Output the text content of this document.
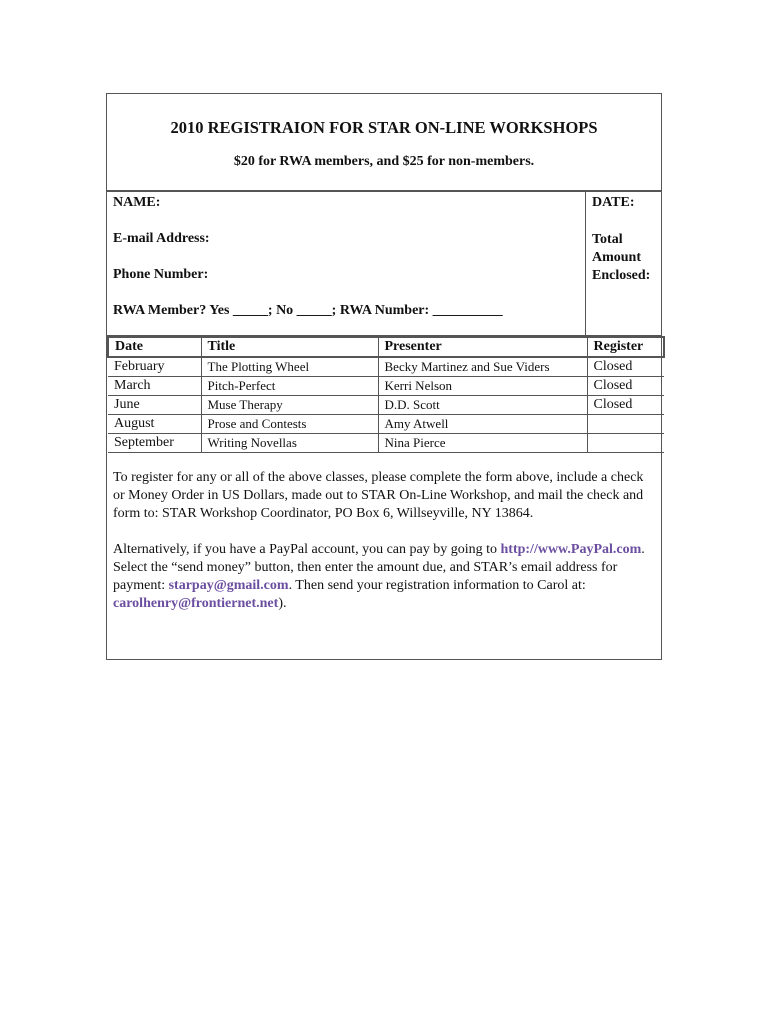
2010 REGISTRAION FOR STAR ON-LINE WORKSHOPS
$20 for RWA members, and $25 for non-members.
NAME:
E-mail Address:
Phone Number:
RWA Member? Yes _____; No _____; RWA Number: __________
DATE:
Total
Amount
Enclosed:
Date	Title	Presenter	Register
February	The Plotting Wheel	Becky Martinez and Sue Viders	Closed
March	Pitch-Perfect	Kerri Nelson	Closed
June	Muse Therapy	D.D. Scott	Closed
August	Prose and Contests	Amy Atwell	
September	Writing Novellas	Nina Pierce	

To register for any or all of the above classes, please complete the form above, include a check or Money Order in US Dollars, made out to STAR On-Line Workshop, and mail the check and form to: STAR Workshop Coordinator, PO Box 6, Willseyville, NY 13864.

Alternatively, if you have a PayPal account, you can pay by going to http://www.PayPal.com. Select the “send money” button, then enter the amount due, and STAR’s email address for payment: starpay@gmail.com. Then send your registration information to Carol at: carolhenry@frontiernet.net).
